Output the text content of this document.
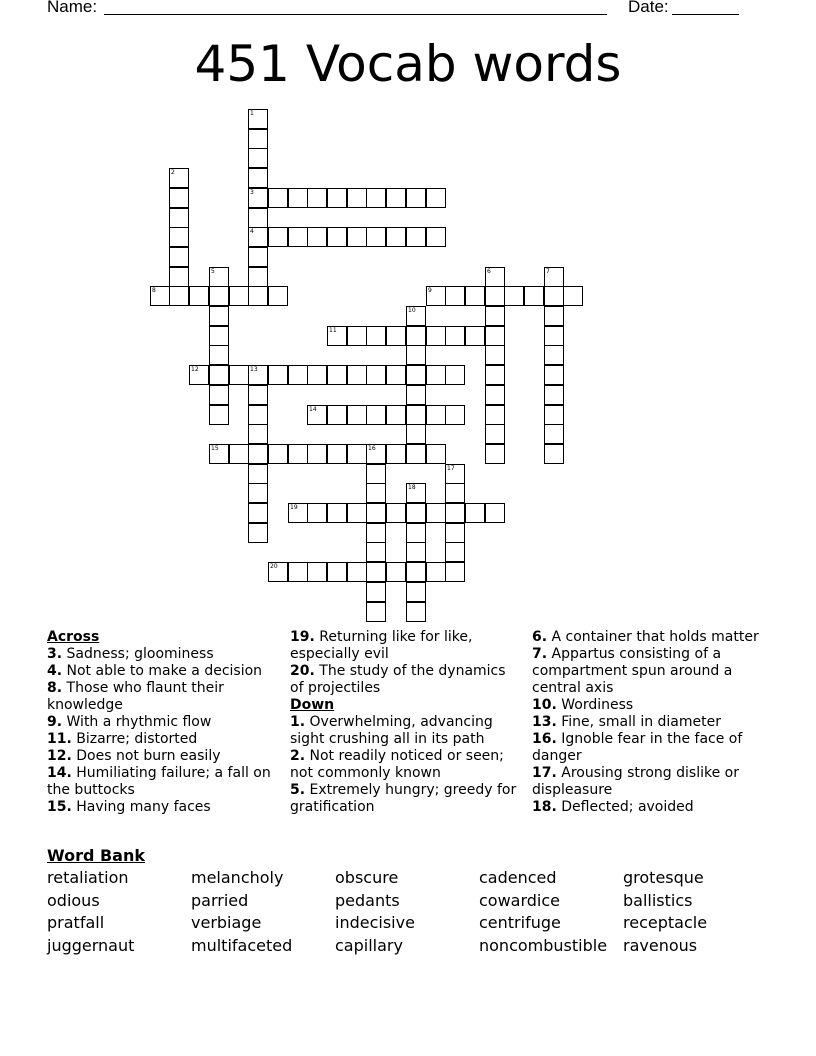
Name:	Date:
451 Vocab words
1
3
4
2
5	6	7
8	9
10
11
12	13
14
15	16
17
18
19
20

Across

3. Sadness; gloominess

4. Not able to make a decision

8. Those who flaunt their knowledge

9. With a rhythmic flow

11. Bizarre; distorted

12. Does not burn easily

14. Humiliating failure; a fall on the buttocks

15. Having many faces

19. Returning like for like, especially evil

20. The study of the dynamics of projectiles

Down

1. Overwhelming, advancing sight crushing all in its path

2. Not readily noticed or seen; not commonly known

5. Extremely hungry; greedy for gratification

6. A container that holds matter

7. Appartus consisting of a compartment spun around a central axis

10. Wordiness

13. Fine, small in diameter

16. Ignoble fear in the face of danger

17. Arousing strong dislike or displeasure

18. Deflected; avoided

Word Bank
retaliation	melancholy	obscure	cadenced	grotesque
odious	parried	pedants	cowardice	ballistics
pratfall	verbiage	indecisive	centrifuge	receptacle
juggernaut	multifaceted	capillary	noncombustible ravenous
